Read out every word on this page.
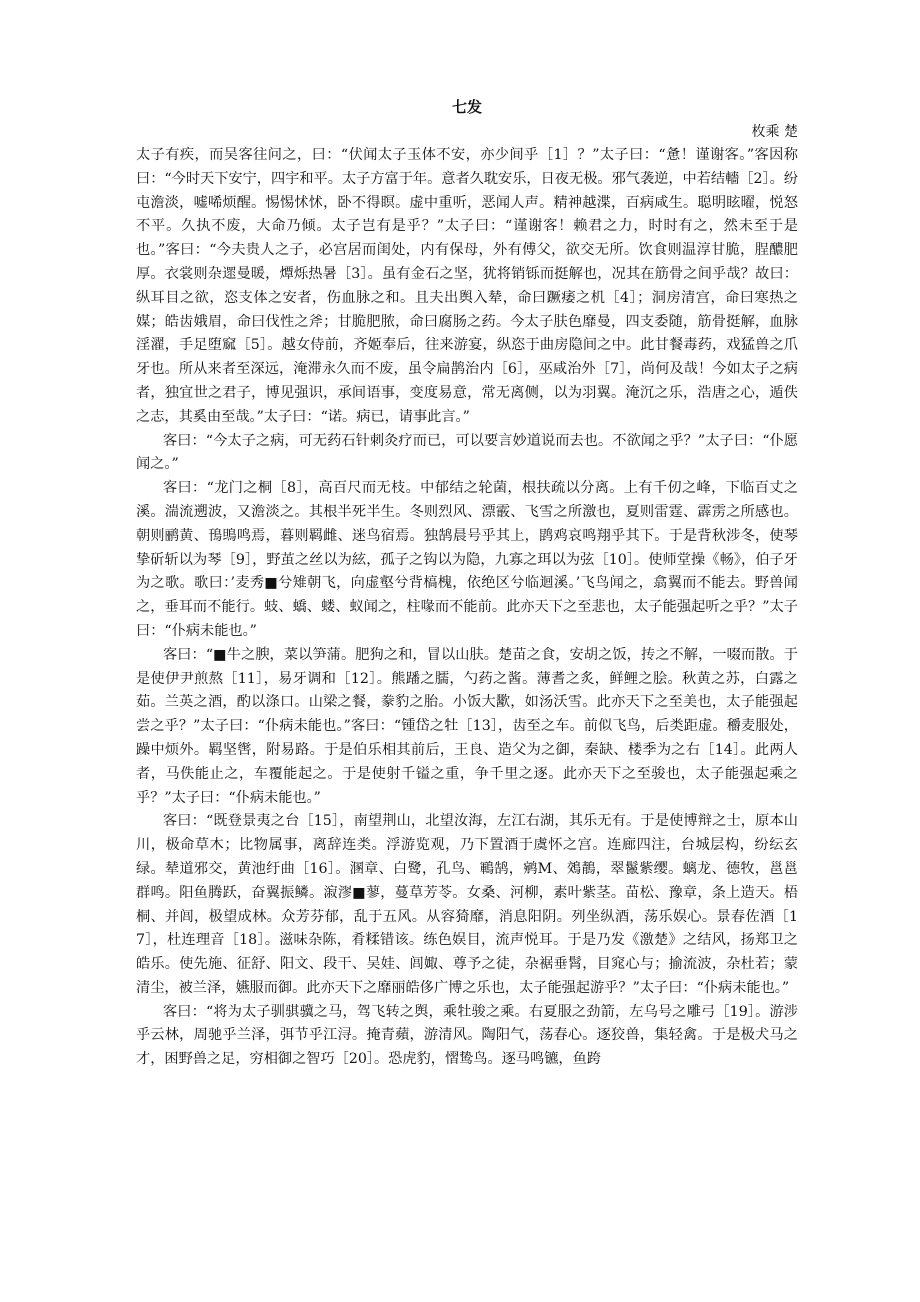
七发
枚乘 楚

太子有疾，而吴客往问之，曰：“伏闻太子玉体不安，亦少间乎［1］？”太子曰：“惫！谨谢客。”客因称曰：“今时天下安宁，四宇和平。太子方富于年。意者久耽安乐，日夜无极。邪气袭逆，中若结轖［2］。纷屯澹淡，嘘唏烦醒。惕惕怵怵，卧不得瞑。虚中重听，恶闻人声。精神越渫，百病咸生。聪明眩曜，悦怒不平。久执不废，大命乃倾。太子岂有是乎？”太子曰：“谨谢客！赖君之力，时时有之，然未至于是也。”客曰：“今夫贵人之子，必宫居而闺处，内有保母，外有傅父，欲交无所。饮食则温淳甘脆，脭醲肥厚。衣裳则杂遝曼暖，燂烁热暑［3］。虽有金石之坚，犹将销铄而挺解也，况其在筋骨之间乎哉？故曰：纵耳目之欲，恣支体之安者，伤血脉之和。且夫出舆入辇，命曰蹶痿之机［4］；洞房清宫，命曰寒热之媒；皓齿娥眉，命曰伐性之斧；甘脆肥脓，命曰腐肠之药。今太子肤色靡曼，四支委随，筋骨挺解，血脉淫濯，手足堕窳［5］。越女侍前，齐姬奉后，往来游宴，纵恣于曲房隐间之中。此甘餐毒药，戏猛兽之爪牙也。所从来者至深远，淹滞永久而不废，虽令扁鹊治内［6］，巫咸治外［7］，尚何及哉！今如太子之病者，独宜世之君子，博见强识，承间语事，变度易意，常无离侧，以为羽翼。淹沉之乐，浩唐之心，遁佚之志，其奚由至哉。”太子曰：“诺。病已，请事此言。”

客曰：“今太子之病，可无药石针刺灸疗而已，可以要言妙道说而去也。不欲闻之乎？”太子曰：“仆愿闻之。”

客曰：“龙门之桐［8］，高百尺而无枝。中郁结之轮菌，根扶疏以分离。上有千仞之峰，下临百丈之溪。湍流遡波，又澹淡之。其根半死半生。冬则烈风、漂霰、飞雪之所激也，夏则雷霆、霹雳之所感也。朝则鹂黄、鳱鴠鸣焉，暮则羁雌、迷鸟宿焉。独鹄晨号乎其上，鹍鸡哀鸣翔乎其下。于是背秋涉冬，使琴挚斫斩以为琴［9］，野茧之丝以为絃，孤子之钩以为隐，九寡之珥以为弦［10］。使师堂操《畅》，伯子牙为之歌。歌曰：’麦秀■兮雉朝飞，向虚壑兮背槁槐，依绝区兮临迴溪。’飞鸟闻之，翕翼而不能去。野兽闻之，垂耳而不能行。蚑、蟜、蝼、蚁闻之，柱喙而不能前。此亦天下之至悲也，太子能强起听之乎？”太子曰：“仆病未能也。”

客曰：“■牛之腴，菜以笋蒲。肥狗之和，冒以山肤。楚苗之食，安胡之饭，抟之不解，一啜而散。于是使伊尹煎熬［11］，易牙调和［12］。熊蹯之臑，勺药之酱。薄耆之炙，鲜鲤之脍。秋黄之苏，白露之茹。兰英之酒，酌以涤口。山梁之餐，豢豹之胎。小饭大歠，如汤沃雪。此亦天下之至美也，太子能强起尝之乎？”太子曰：“仆病未能也。”客曰：“锺岱之牡［13］，齿至之车。前似飞鸟，后类距虚。穱麦服处，躁中烦外。羁坚辔，附易路。于是伯乐相其前后，王良、造父为之御，秦缺、楼季为之右［14］。此两人者，马佚能止之，车覆能起之。于是使射千镒之重，争千里之逐。此亦天下之至骏也，太子能强起乘之乎？”太子曰：“仆病未能也。”

客曰：“既登景夷之台［15］，南望荆山，北望汝海，左江右湖，其乐无有。于是使博辩之士，原本山川，极命草木；比物属事，离辞连类。浮游览观，乃下置酒于虞怀之宫。连廊四注，台城层构，纷纭玄绿。辇道邪交，黄池纡曲［16］。溷章、白鹭，孔鸟、鶤鹄，鹓M、鵁鶄，翠鬣紫缨。螭龙、德牧，邕邕群鸣。阳鱼腾跃，奋翼振鳞。漃漻■蓼，蔓草芳苓。女桑、河柳，素叶紫茎。苗松、豫章，条上造天。梧桐、并闾，极望成林。众芳芬郁，乱于五风。从容猗靡，消息阳阴。列坐纵酒，荡乐娱心。景春佐酒［17］，杜连理音［18］。滋味杂陈，肴糅错该。练色娱目，流声悦耳。于是乃发《激楚》之结风，扬郑卫之皓乐。使先施、征舒、阳文、段干、吴娃、闾娵、尊予之徒，杂裾垂髾，目窕心与；揄流波，杂杜若；蒙清尘，被兰泽，嬿服而御。此亦天下之靡丽皓侈广博之乐也，太子能强起游乎？”太子曰：“仆病未能也。”

客曰：“将为太子驯骐骥之马，驾飞转之舆，乘牡骏之乘。右夏服之劲箭，左乌号之雕弓［19］。游涉乎云林，周驰乎兰泽，弭节乎江浔。掩青蘋，游清风。陶阳气，荡春心。逐狡兽，集轻禽。于是极犬马之才，困野兽之足，穷相御之智巧［20］。恐虎豹，慴鸷鸟。逐马鸣镳，鱼跨
